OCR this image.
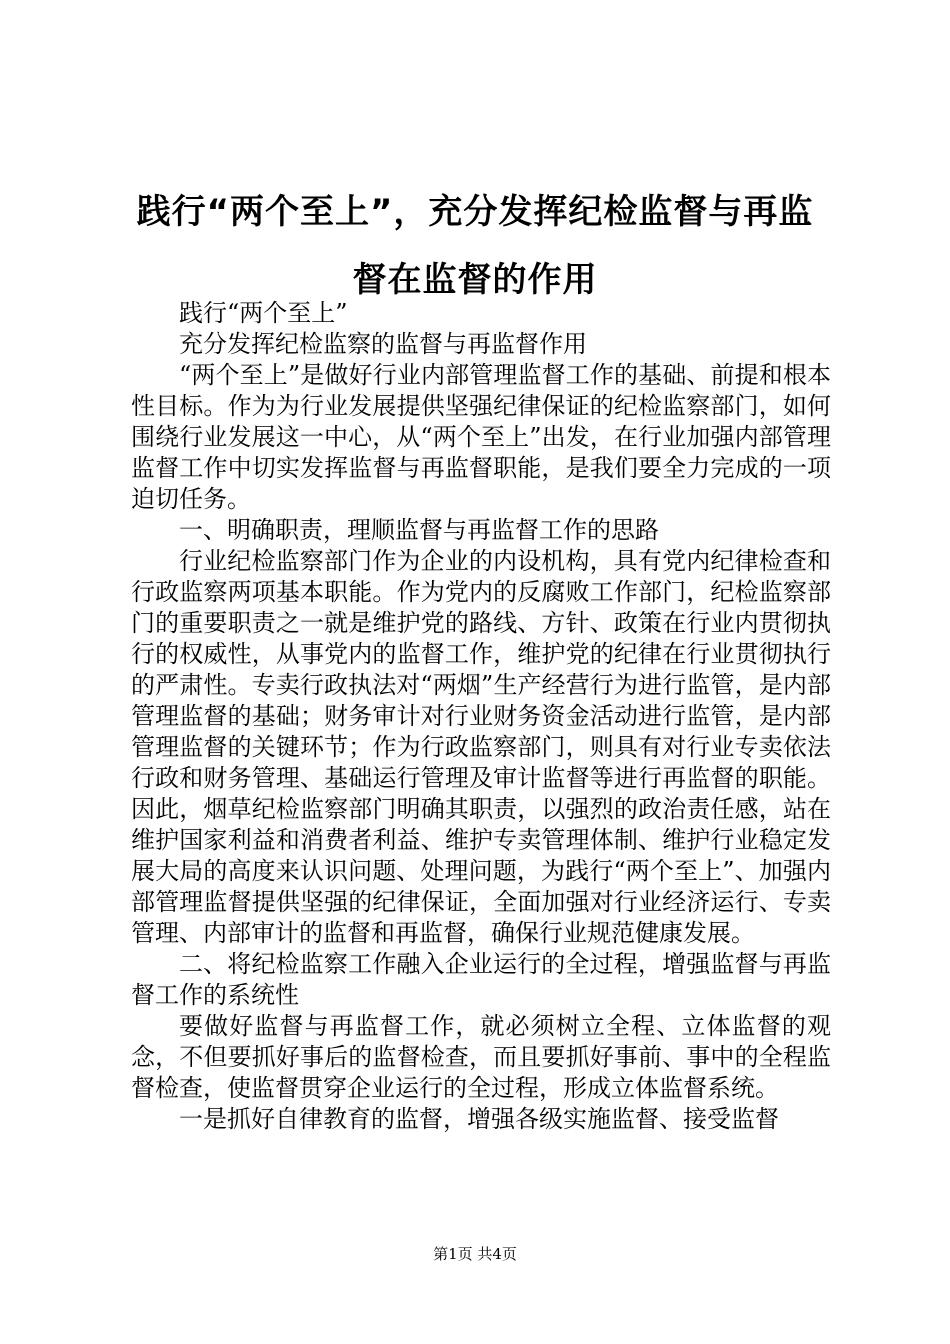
践行“两个至上”，充分发挥纪检监督与再监督在监督的作用

践行“两个至上”

充分发挥纪检监察的监督与再监督作用

“两个至上”是做好行业内部管理监督工作的基础、前提和根本性目标。作为为行业发展提供坚强纪律保证的纪检监察部门，如何围绕行业发展这一中心，从“两个至上”出发，在行业加强内部管理监督工作中切实发挥监督与再监督职能，是我们要全力完成的一项迫切任务。

一、明确职责，理顺监督与再监督工作的思路

行业纪检监察部门作为企业的内设机构，具有党内纪律检查和行政监察两项基本职能。作为党内的反腐败工作部门，纪检监察部门的重要职责之一就是维护党的路线、方针、政策在行业内贯彻执行的权威性，从事党内的监督工作，维护党的纪律在行业贯彻执行的严肃性。专卖行政执法对“两烟”生产经营行为进行监管，是内部管理监督的基础；财务审计对行业财务资金活动进行监管，是内部管理监督的关键环节；作为行政监察部门，则具有对行业专卖依法行政和财务管理、基础运行管理及审计监督等进行再监督的职能。因此，烟草纪检监察部门明确其职责，以强烈的政治责任感，站在维护国家利益和消费者利益、维护专卖管理体制、维护行业稳定发展大局的高度来认识问题、处理问题，为践行“两个至上”、加强内部管理监督提供坚强的纪律保证，全面加强对行业经济运行、专卖管理、内部审计的监督和再监督，确保行业规范健康发展。

二、将纪检监察工作融入企业运行的全过程，增强监督与再监督工作的系统性

要做好监督与再监督工作，就必须树立全程、立体监督的观念，不但要抓好事后的监督检查，而且要抓好事前、事中的全程监督检查，使监督贯穿企业运行的全过程，形成立体监督系统。

一是抓好自律教育的监督，增强各级实施监督、接受监督

第1页 共4页
